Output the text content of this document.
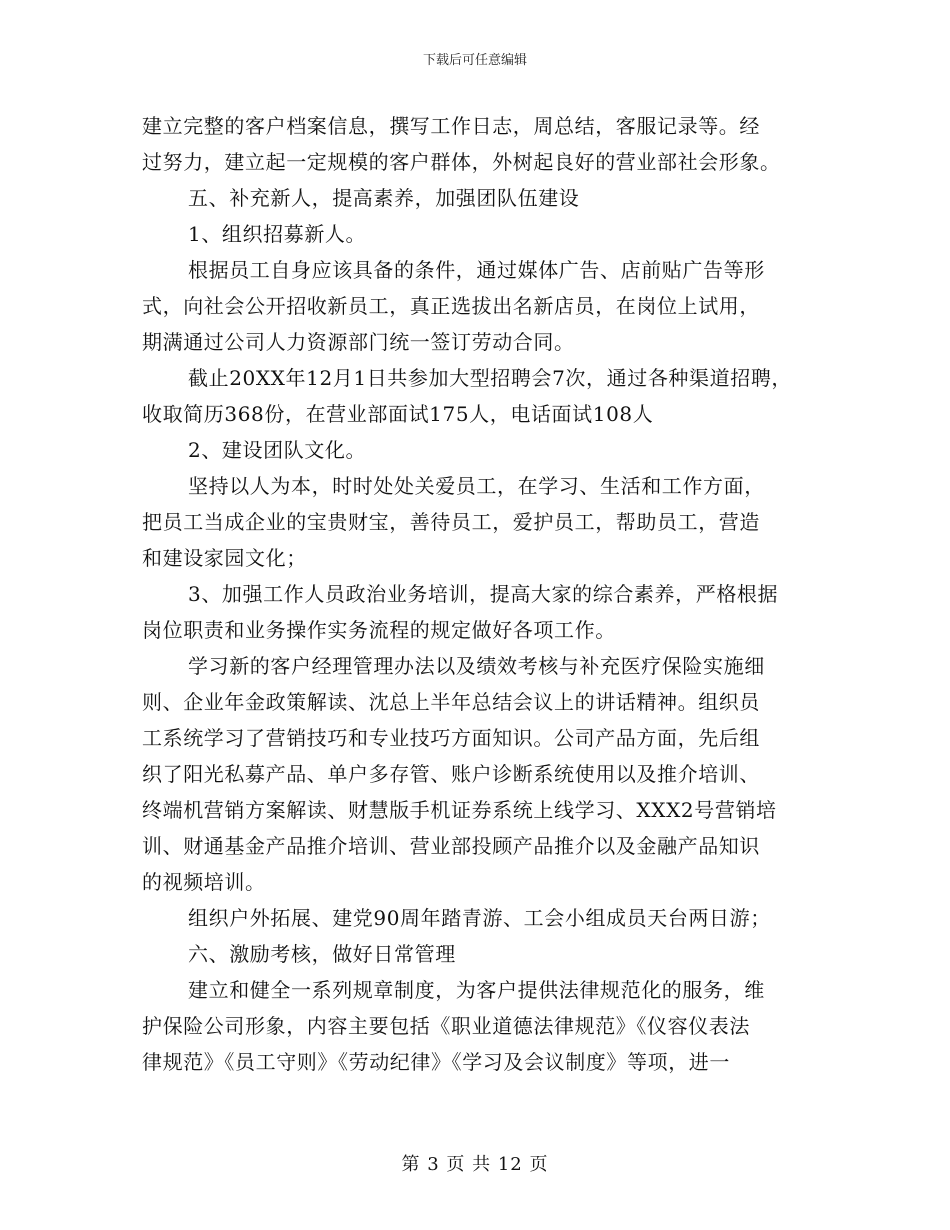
下载后可任意编辑
建立完整的客户档案信息，撰写工作日志，周总结，客服记录等。经
过努力，建立起一定规模的客户群体，外树起良好的营业部社会形象。
五、补充新人，提高素养，加强团队伍建设
1、组织招募新人。
根据员工自身应该具备的条件，通过媒体广告、店前贴广告等形
式，向社会公开招收新员工，真正选拔出名新店员，在岗位上试用，
期满通过公司人力资源部门统一签订劳动合同。
截止20XX年12月1日共参加大型招聘会7次，通过各种渠道招聘，
收取简历368份，在营业部面试175人，电话面试108人
2、建设团队文化。
坚持以人为本，时时处处关爱员工，在学习、生活和工作方面，
把员工当成企业的宝贵财宝，善待员工，爱护员工，帮助员工，营造
和建设家园文化；
3、加强工作人员政治业务培训，提高大家的综合素养，严格根据
岗位职责和业务操作实务流程的规定做好各项工作。
学习新的客户经理管理办法以及绩效考核与补充医疗保险实施细
则、企业年金政策解读、沈总上半年总结会议上的讲话精神。组织员
工系统学习了营销技巧和专业技巧方面知识。公司产品方面，先后组
织了阳光私募产品、单户多存管、账户诊断系统使用以及推介培训、
终端机营销方案解读、财慧版手机证券系统上线学习、XXX2号营销培
训、财通基金产品推介培训、营业部投顾产品推介以及金融产品知识
的视频培训。
组织户外拓展、建党90周年踏青游、工会小组成员天台两日游；
六、激励考核，做好日常管理
建立和健全一系列规章制度，为客户提供法律规范化的服务，维
护保险公司形象，内容主要包括《职业道德法律规范》《仪容仪表法
律规范》《员工守则》《劳动纪律》《学习及会议制度》等项，进一
第 3 页 共 12 页
